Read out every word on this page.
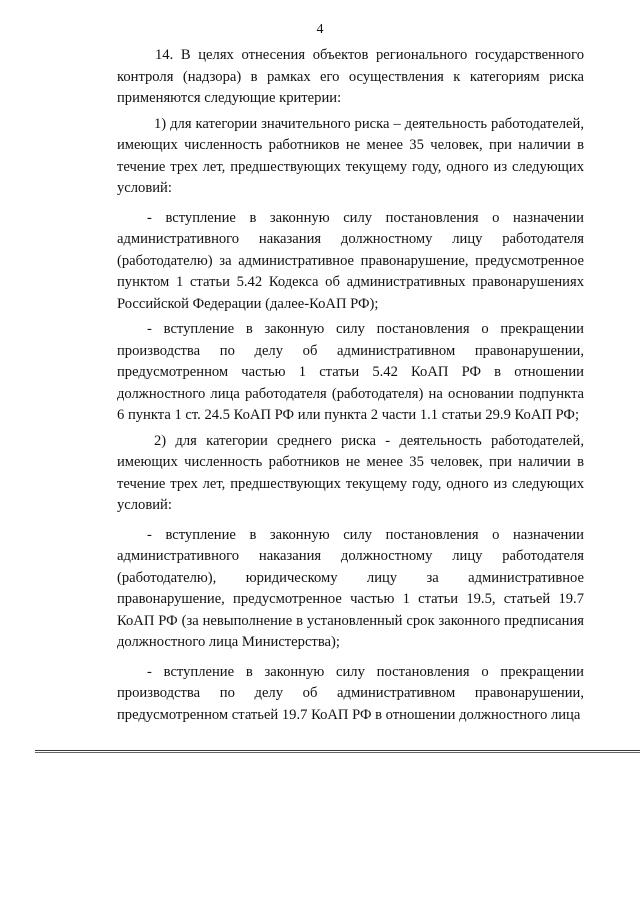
4

14. В целях отнесения объектов регионального государственного контроля (надзора) в рамках его осуществления к категориям риска применяются следующие критерии:

1) для категории значительного риска – деятельность работодателей, имеющих численность работников не менее 35 человек, при наличии в течение трех лет, предшествующих текущему году, одного из следующих условий:

- вступление в законную силу постановления о назначении административного наказания должностному лицу работодателя (работодателю) за административное правонарушение, предусмотренное пунктом 1 статьи 5.42 Кодекса об административных правонарушениях Российской Федерации (далее-КоАП РФ);

- вступление в законную силу постановления о прекращении производства по делу об административном правонарушении, предусмотренном частью 1 статьи 5.42 КоАП РФ в отношении должностного лица работодателя (работодателя) на основании подпункта 6 пункта 1 ст. 24.5 КоАП РФ или пункта 2 части 1.1 статьи 29.9 КоАП РФ;

2) для категории среднего риска - деятельность работодателей, имеющих численность работников не менее 35 человек, при наличии в течение трех лет, предшествующих текущему году, одного из следующих условий:

- вступление в законную силу постановления о назначении административного наказания должностному лицу работодателя (работодателю), юридическому лицу за административное правонарушение, предусмотренное частью 1 статьи 19.5, статьей 19.7 КоАП РФ (за невыполнение в установленный срок законного предписания должностного лица Министерства);

- вступление в законную силу постановления о прекращении производства по делу об административном правонарушении, предусмотренном статьей 19.7 КоАП РФ в отношении должностного лица
